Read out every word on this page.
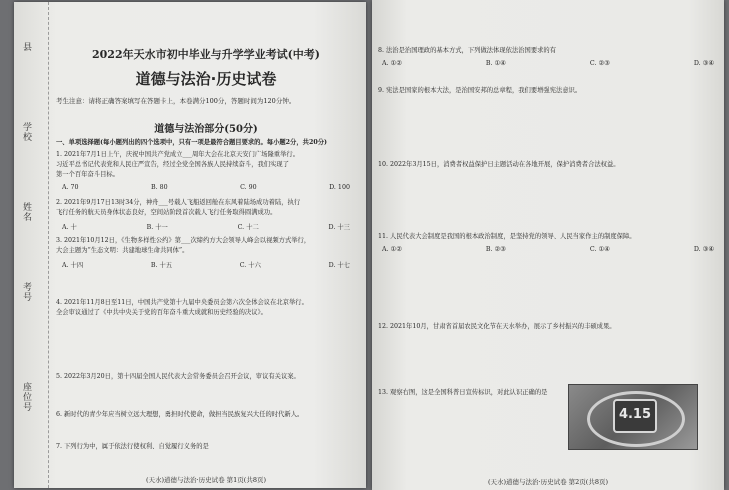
县
学校
姓名
考号
座位号
2022年天水市初中毕业与升学学业考试(中考)
道德与法治·历史试卷
考生注意：请将正确答案填写在答题卡上，本卷满分100分，答题时间为120分钟。
道德与法治部分(50分)
一、单项选择题(每小题列出的四个选项中，只有一项是最符合题目要求的。每小题2分，共20分)
1. 2021年7月1日上午，庆祝中国共产党成立___周年大会在北京天安门广场隆重举行。
习近平总书记代表党和人民庄严宣告，经过全党全国各族人民持续奋斗，我们实现了
第一个百年奋斗目标。
A. 70	B. 80	C. 90	D. 100
2. 2021年9月17日13时34分，神舟___号载人飞船返回舱在东风着陆场成功着陆，执行
飞行任务的航天员身体状态良好，空间站阶段首次载人飞行任务取得圆满成功。
A. 十	B. 十一	C. 十二	D. 十三
3. 2021年10月12日，《生物多样性公约》第___次缔约方大会领导人峰会以视频方式举行，
大会主题为“生态文明：共建地球生命共同体”。
A. 十四	B. 十五	C. 十六	D. 十七
4. 2021年11月8日至11日，中国共产党第十九届中央委员会第六次全体会议在北京举行。
全会审议通过了《中共中央关于党的百年奋斗重大成就和历史经验的决议》。
5. 2022年3月20日，第十四届全国人民代表大会常务委员会召开会议，审议有关议案。
6. 新时代的青少年应当树立远大理想，勇担时代使命，做担当民族复兴大任的时代新人。
7. 下列行为中，属于依法行使权利、自觉履行义务的是
(天水)道德与法治·历史试卷 第1页(共8页)
8. 法治是治国理政的基本方式，下列做法体现依法治国要求的有
A. ①②	B. ①④	C. ②③	D. ③④
9. 宪法是国家的根本大法，是治国安邦的总章程，我们要增强宪法意识。
10. 2022年3月15日，消费者权益保护日主题活动在各地开展，保护消费者合法权益。
11. 人民代表大会制度是我国的根本政治制度，是坚持党的领导、人民当家作主的制度保障。
A. ①②	B. ②③	C. ①④	D. ③④
12. 2021年10月，甘肃省首届农民文化节在天水举办，展示了乡村振兴的丰硕成果。
13. 观察右图，这是全国科普日宣传标识，对此认识正确的是
4.15
(天水)道德与法治·历史试卷 第2页(共8页)
